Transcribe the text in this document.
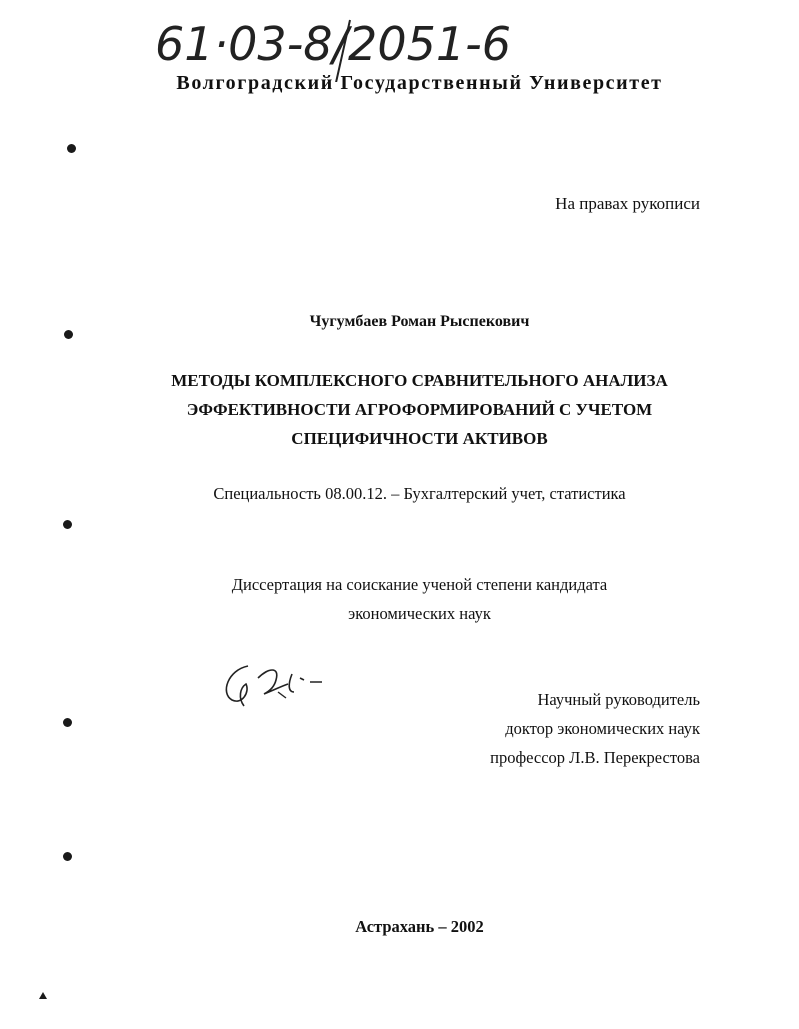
61·03-8/2051-6
Волгоградский Государственный Университет
На правах рукописи
Чугумбаев Роман Рыспекович
МЕТОДЫ КОМПЛЕКСНОГО СРАВНИТЕЛЬНОГО АНАЛИЗА
ЭФФЕКТИВНОСТИ АГРОФОРМИРОВАНИЙ С УЧЕТОМ
СПЕЦИФИЧНОСТИ АКТИВОВ
Специальность 08.00.12. – Бухгалтерский учет, статистика
Диссертация на соискание ученой степени кандидата
экономических наук
Научный руководитель
доктор экономических наук
профессор Л.В. Перекрестова
Астрахань – 2002
